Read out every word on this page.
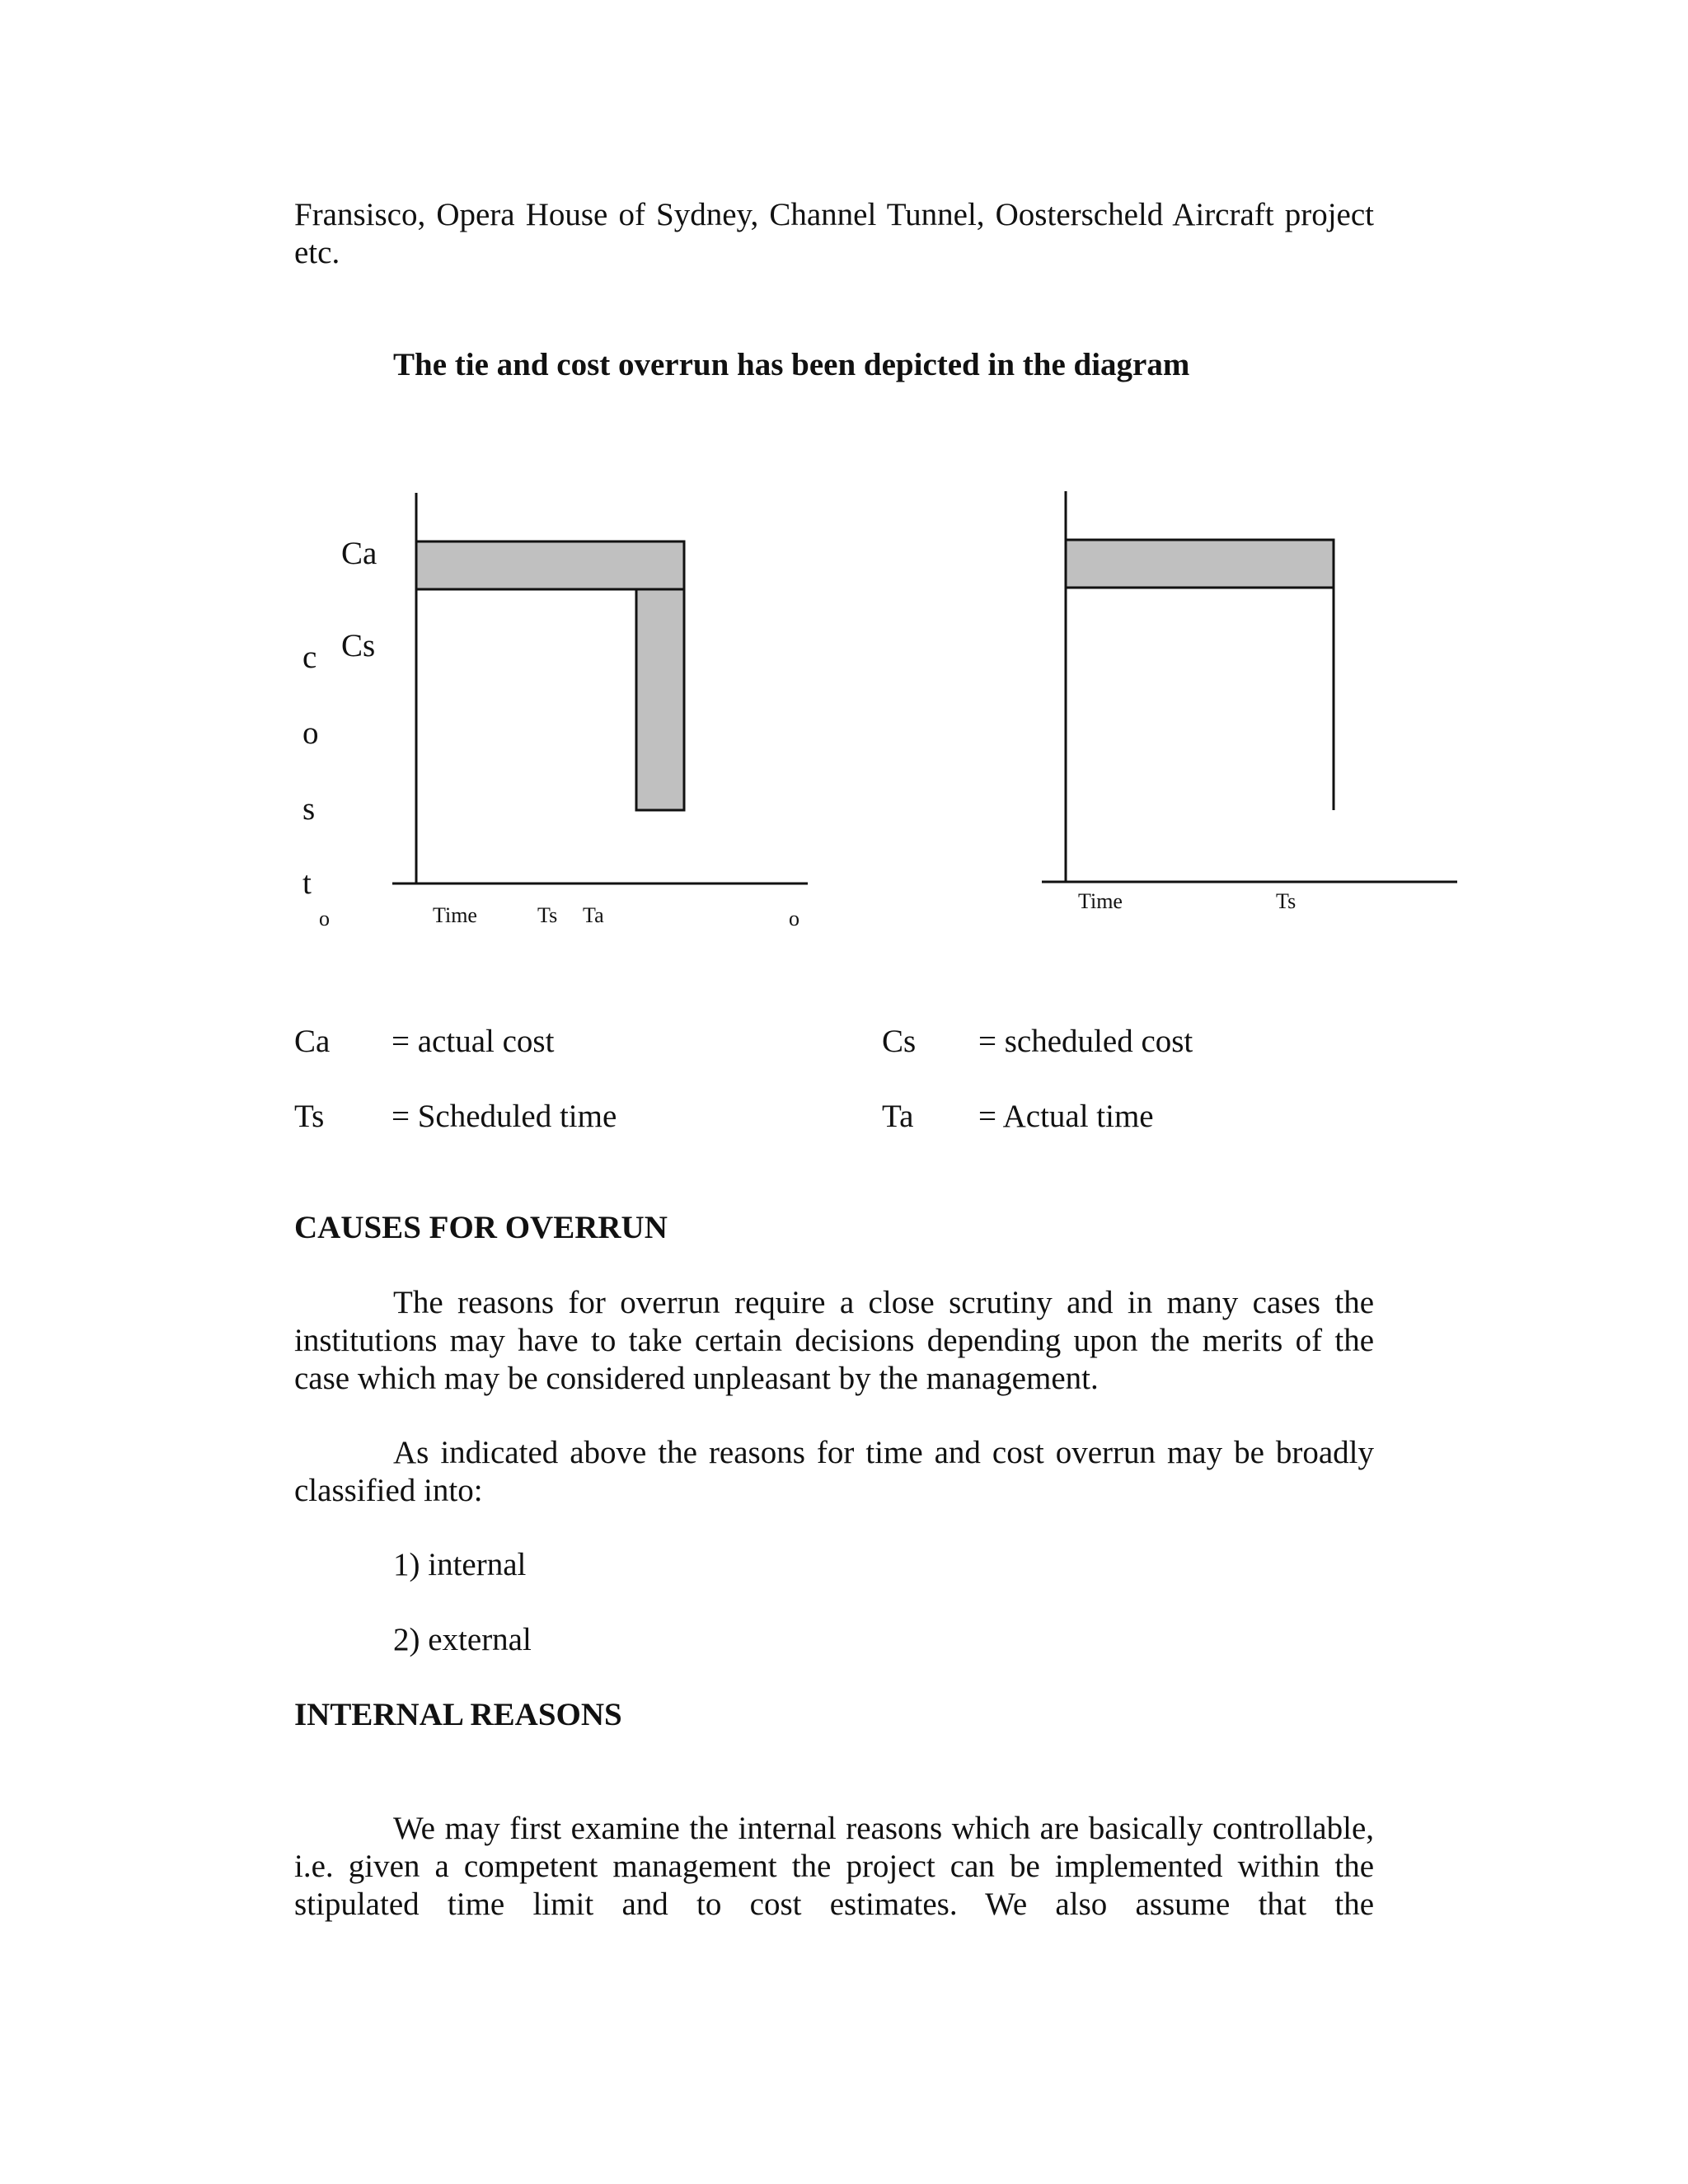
Fransisco, Opera House of Sydney, Channel Tunnel, Oosterscheld Aircraft project etc.

The tie and cost overrun has been depicted in the diagram

Ca
Cs
c
o
s
t
o	Time	Ts Ta	o
Time	Ts
Ca = actual cost	Cs = scheduled cost
Ts = Scheduled time	Ta = Actual time
CAUSES FOR OVERRUN

The reasons for overrun require a close scrutiny and in many cases the institutions may have to take certain decisions depending upon the merits of the case which may be considered unpleasant by the management.

As indicated above the reasons for time and cost overrun may be broadly classified into:

1) internal
2) external
INTERNAL REASONS

We may first examine the internal reasons which are basically controllable, i.e. given a competent management the project can be implemented within the stipulated time limit and to cost estimates. We also assume that the
